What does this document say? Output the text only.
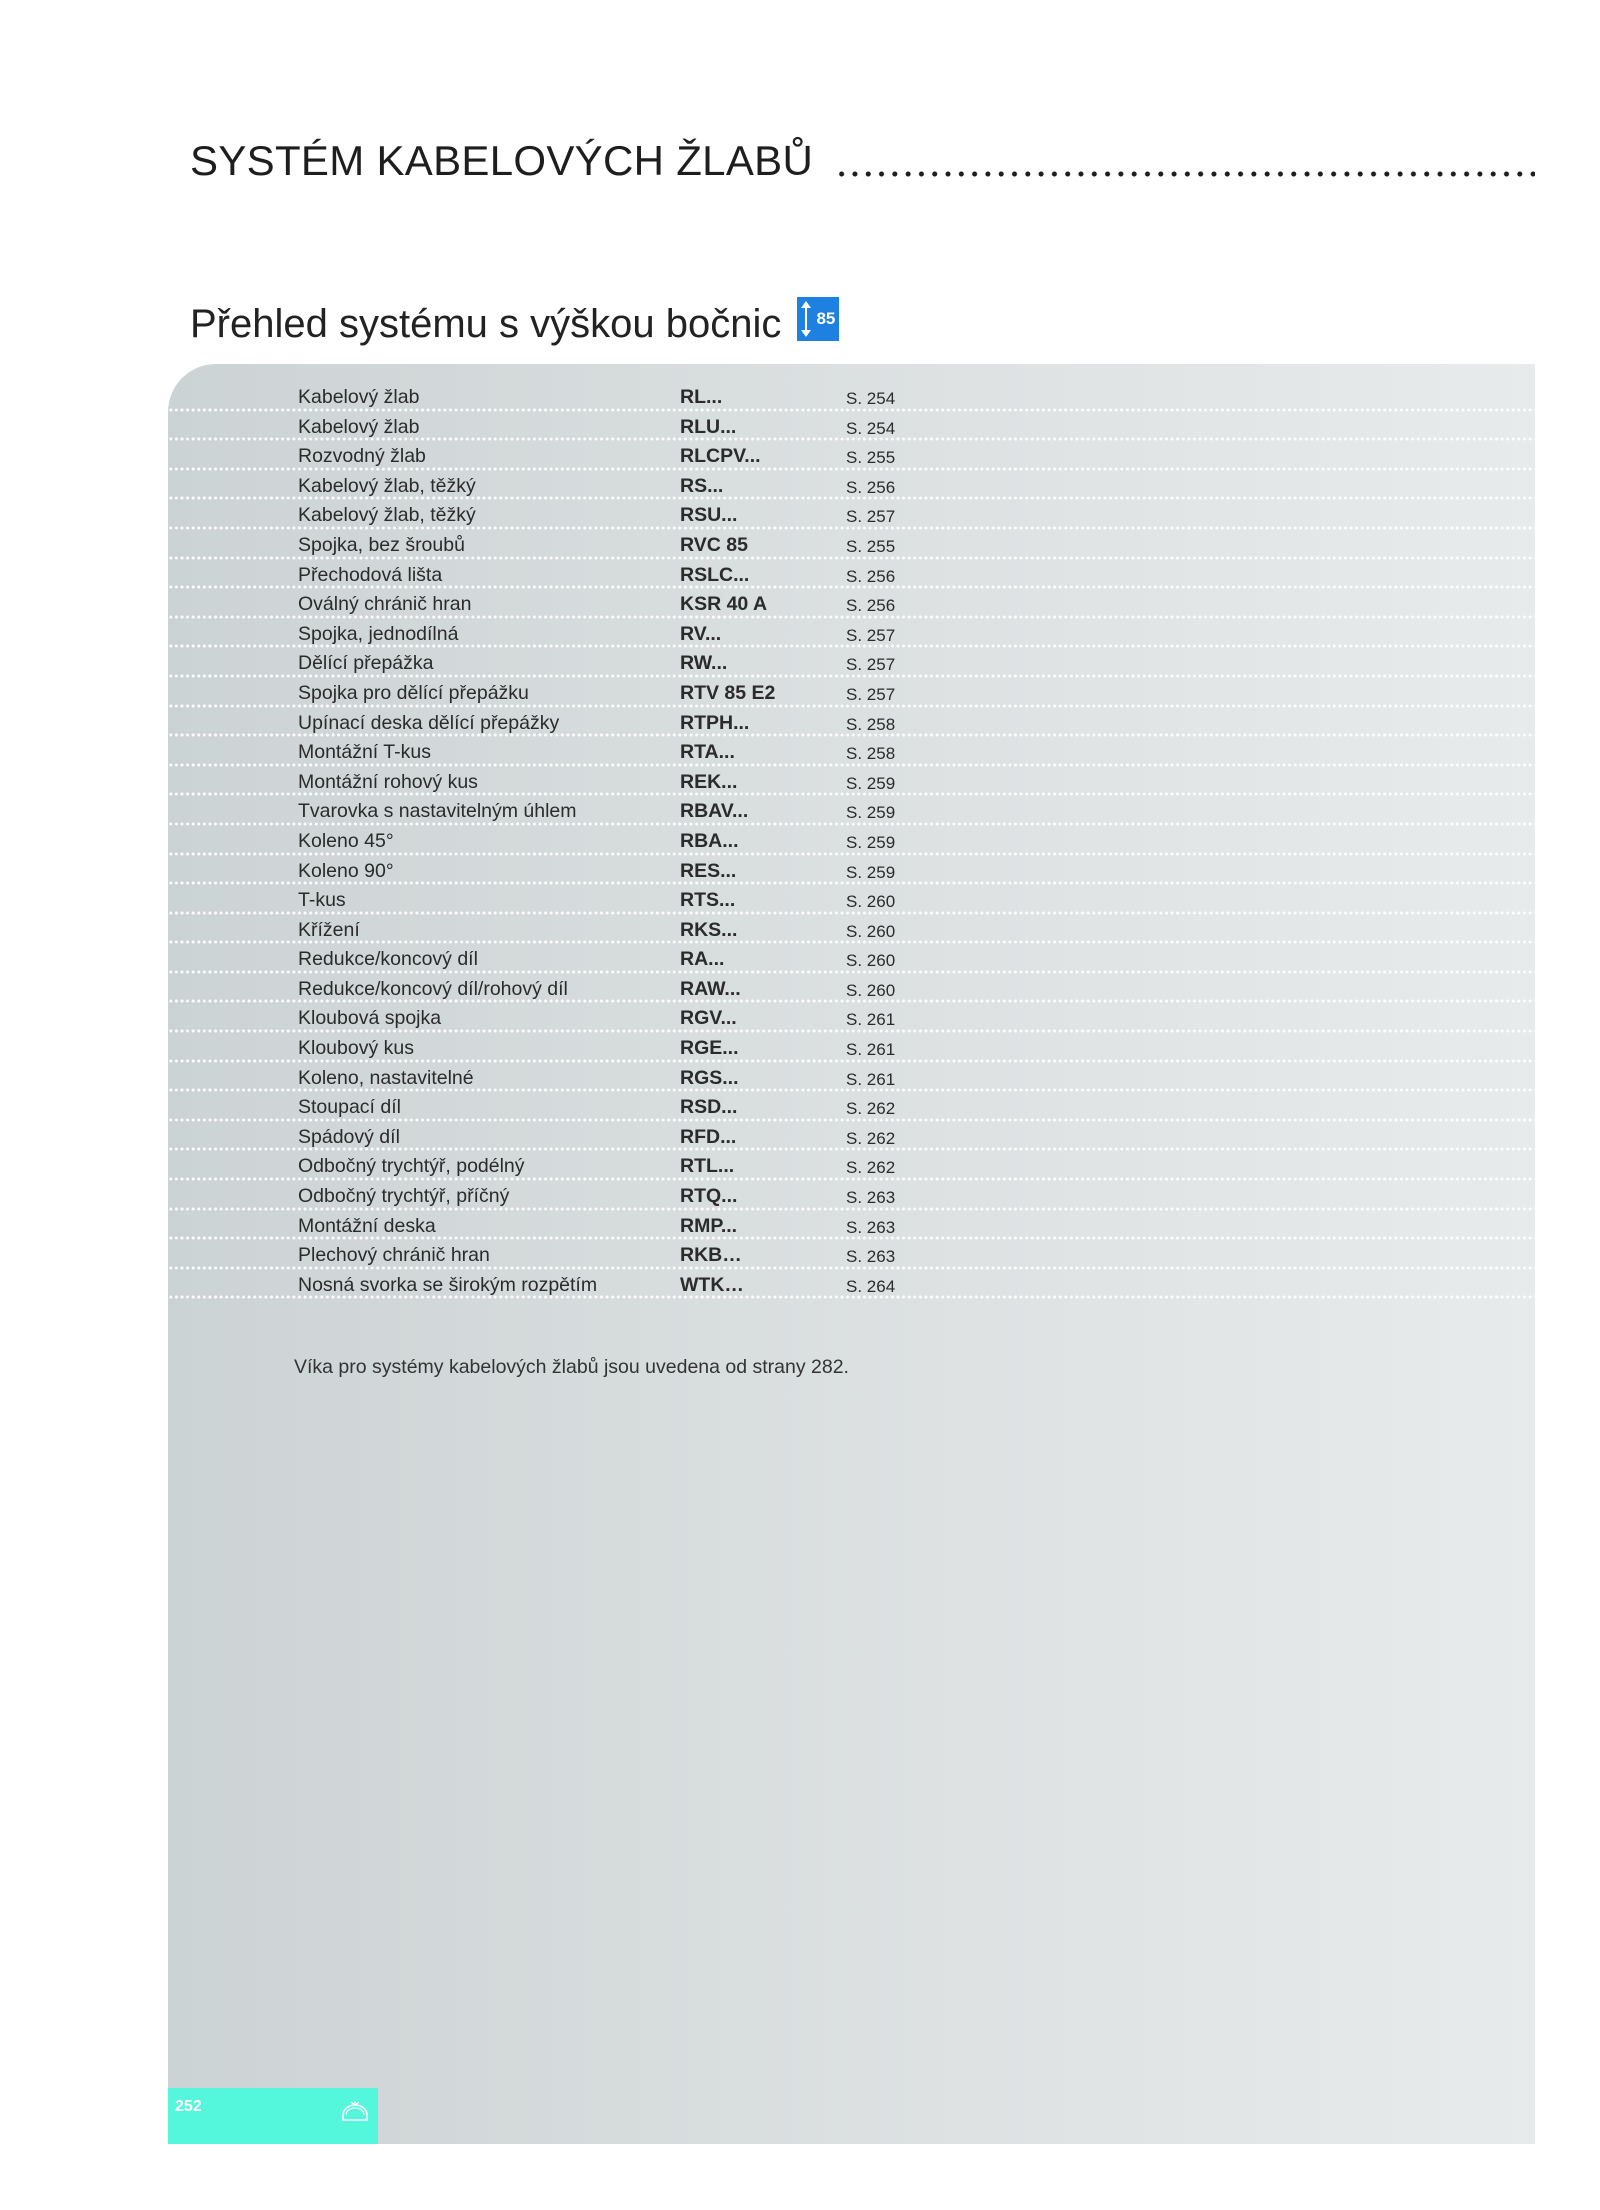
SYSTÉM KABELOVÝCH ŽLABŮ
Přehled systému s výškou bočnic 85
Kabelový žlab	RL...	S. 254
Kabelový žlab	RLU...	S. 254
Rozvodný žlab	RLCPV...	S. 255
Kabelový žlab, těžký	RS...	S. 256
Kabelový žlab, těžký	RSU...	S. 257
Spojka, bez šroubů	RVC 85	S. 255
Přechodová lišta	RSLC...	S. 256
Oválný chránič hran	KSR 40 A	S. 256
Spojka, jednodílná	RV...	S. 257
Dělící přepážka	RW...	S. 257
Spojka pro dělící přepážku	RTV 85 E2	S. 257
Upínací deska dělící přepážky	RTPH...	S. 258
Montážní T-kus	RTA...	S. 258
Montážní rohový kus	REK...	S. 259
Tvarovka s nastavitelným úhlem	RBAV...	S. 259
Koleno 45°	RBA...	S. 259
Koleno 90°	RES...	S. 259
T-kus	RTS...	S. 260
Křížení	RKS...	S. 260
Redukce/koncový díl	RA...	S. 260
Redukce/koncový díl/rohový díl	RAW...	S. 260
Kloubová spojka	RGV...	S. 261
Kloubový kus	RGE...	S. 261
Koleno, nastavitelné	RGS...	S. 261
Stoupací díl	RSD...	S. 262
Spádový díl	RFD...	S. 262
Odbočný trychtýř, podélný	RTL...	S. 262
Odbočný trychtýř, příčný	RTQ...	S. 263
Montážní deska	RMP...	S. 263
Plechový chránič hran	RKB…	S. 263
Nosná svorka se širokým rozpětím	WTK…	S. 264
Víka pro systémy kabelových žlabů jsou uvedena od strany 282.
252
